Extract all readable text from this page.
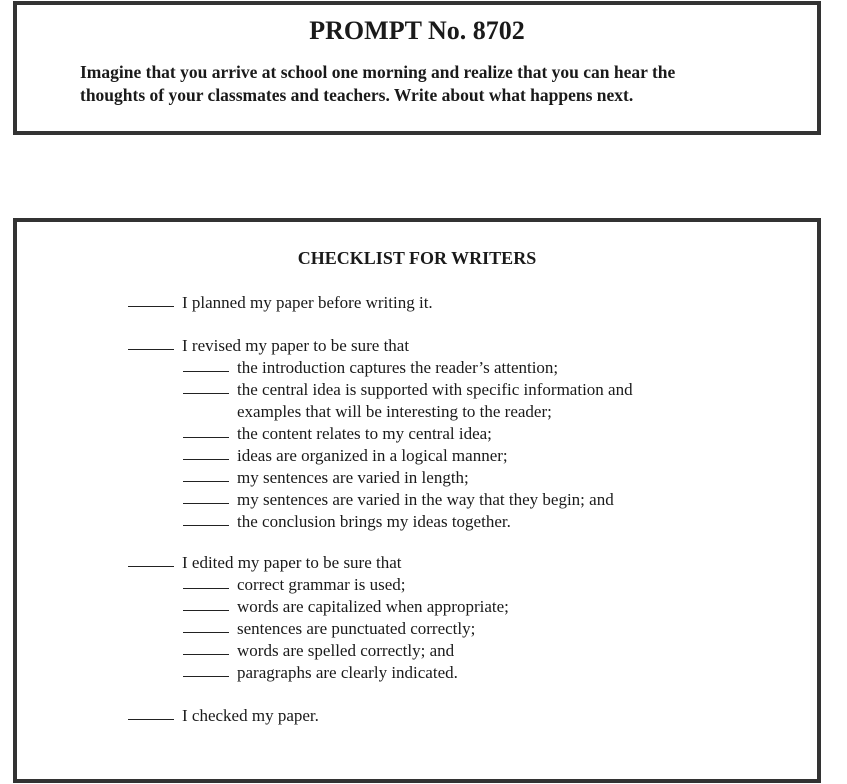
PROMPT No. 8702

Imagine that you arrive at school one morning and realize that you can hear the
thoughts of your classmates and teachers. Write about what happens next.

CHECKLIST FOR WRITERS
I planned my paper before writing it.
I revised my paper to be sure that
the introduction captures the reader’s attention;
the central idea is supported with specific information and
examples that will be interesting to the reader;
the content relates to my central idea;
ideas are organized in a logical manner;
my sentences are varied in length;
my sentences are varied in the way that they begin; and
the conclusion brings my ideas together.
I edited my paper to be sure that
correct grammar is used;
words are capitalized when appropriate;
sentences are punctuated correctly;
words are spelled correctly; and
paragraphs are clearly indicated.
I checked my paper.
